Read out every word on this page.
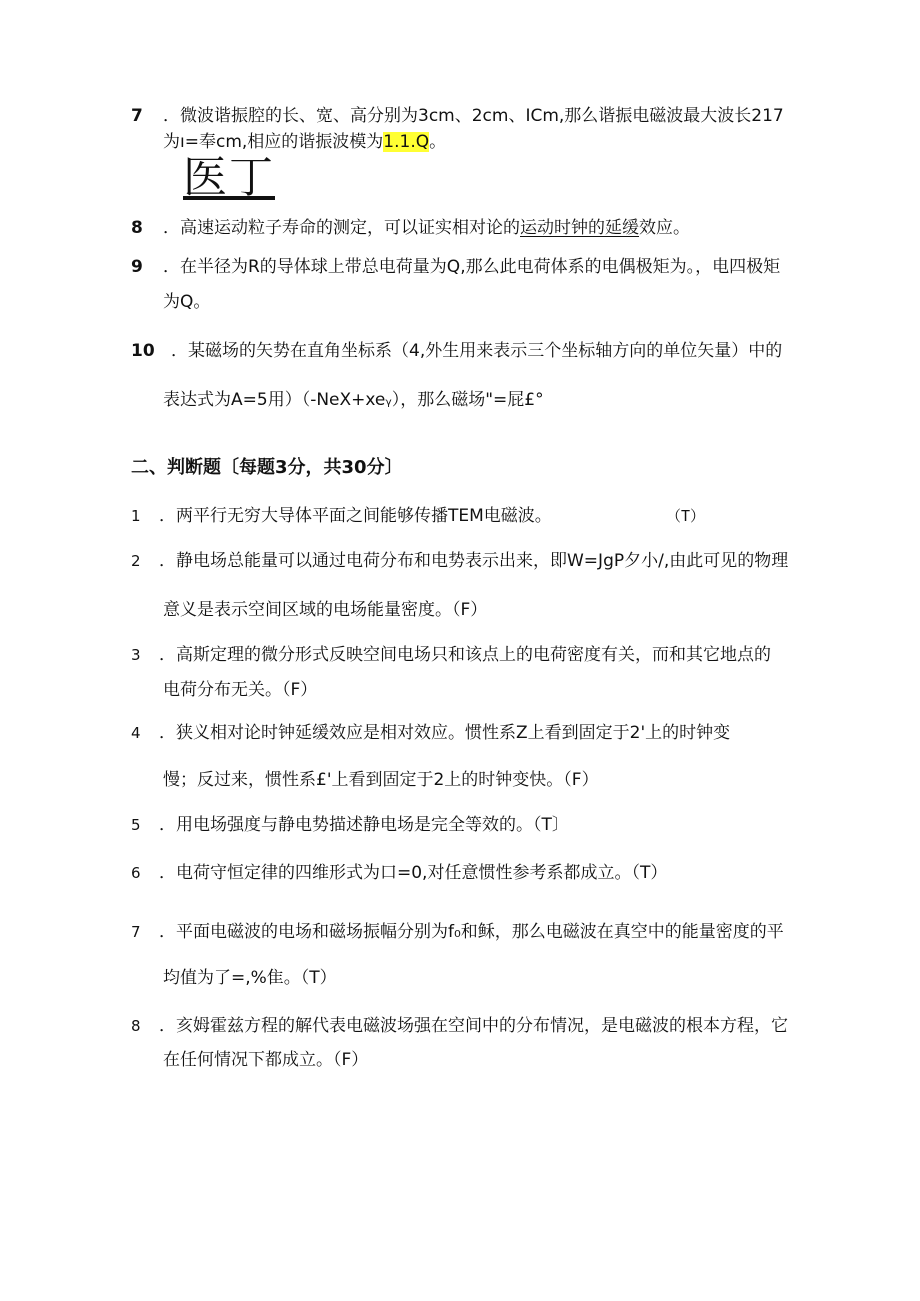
7 ．微波谐振腔的长、宽、高分别为3cm、2cm、ICm,那么谐振电磁波最大波长217
为ı=奉cm,相应的谐振波模为1.1.Q。
医丁
8 ．高速运动粒子寿命的测定，可以证实相对论的运动时钟的延缓效应。
9 ．在半径为R的导体球上带总电荷量为Q,那么此电荷体系的电偶极矩为。，电四极矩
为Q。
10 ．某磁场的矢势在直角坐标系（4,外生用来表示三个坐标轴方向的单位矢量）中的
表达式为A=5用）（-NeX+xeᵧ），那么磁场"=屁£°
二、判断题〔每题3分，共30分〕
1 ．两平行无穷大导体平面之间能够传播TEM电磁波。	（T）
2 ．静电场总能量可以通过电荷分布和电势表示出来，即W=JgP夕小/,由此可见的物理
意义是表示空间区域的电场能量密度。（F）
3 ．高斯定理的微分形式反映空间电场只和该点上的电荷密度有关，而和其它地点的
电荷分布无关。（F）
4 ．狭义相对论时钟延缓效应是相对效应。惯性系Z上看到固定于2'上的时钟变
慢；反过来，惯性系£'上看到固定于2上的时钟变快。（F）
5 ．用电场强度与静电势描述静电场是完全等效的。（T〕
6 ．电荷守恒定律的四维形式为口=0,对任意惯性参考系都成立。（T）
7 ．平面电磁波的电场和磁场振幅分别为f₀和稣，那么电磁波在真空中的能量密度的平
均值为了=,%隹。（T）
8 ．亥姆霍兹方程的解代表电磁波场强在空间中的分布情况，是电磁波的根本方程，它
在任何情况下都成立。（F）
